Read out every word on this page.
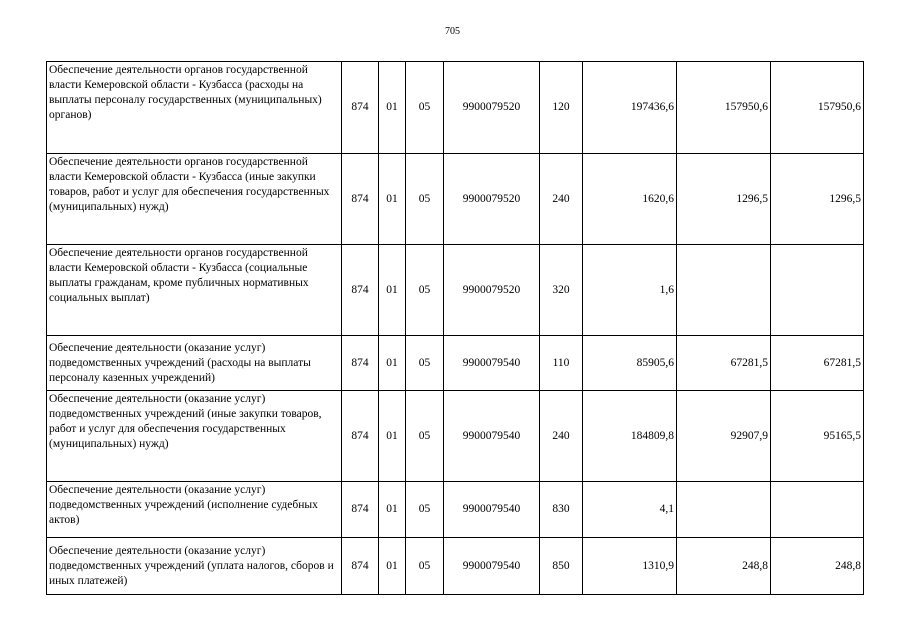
705
Обеспечение деятельности органов государственной власти Кемеровской области - Кузбасса (расходы на выплаты персоналу государственных (муниципальных) органов)	874	01	05	9900079520	120	197436,6	157950,6	157950,6
Обеспечение деятельности органов государственной власти Кемеровской области - Кузбасса (иные закупки товаров, работ и услуг для обеспечения государственных (муниципальных) нужд)	874	01	05	9900079520	240	1620,6	1296,5	1296,5
Обеспечение деятельности органов государственной власти Кемеровской области - Кузбасса (социальные выплаты гражданам, кроме публичных нормативных социальных выплат)	874	01	05	9900079520	320	1,6		
Обеспечение деятельности (оказание услуг) подведомственных учреждений (расходы на выплаты персоналу казенных учреждений)	874	01	05	9900079540	110	85905,6	67281,5	67281,5
Обеспечение деятельности (оказание услуг) подведомственных учреждений (иные закупки товаров, работ и услуг для обеспечения государственных (муниципальных) нужд)	874	01	05	9900079540	240	184809,8	92907,9	95165,5
Обеспечение деятельности (оказание услуг) подведомственных учреждений (исполнение судебных актов)	874	01	05	9900079540	830	4,1		
Обеспечение деятельности (оказание услуг) подведомственных учреждений (уплата налогов, сборов и иных платежей)	874	01	05	9900079540	850	1310,9	248,8	248,8
